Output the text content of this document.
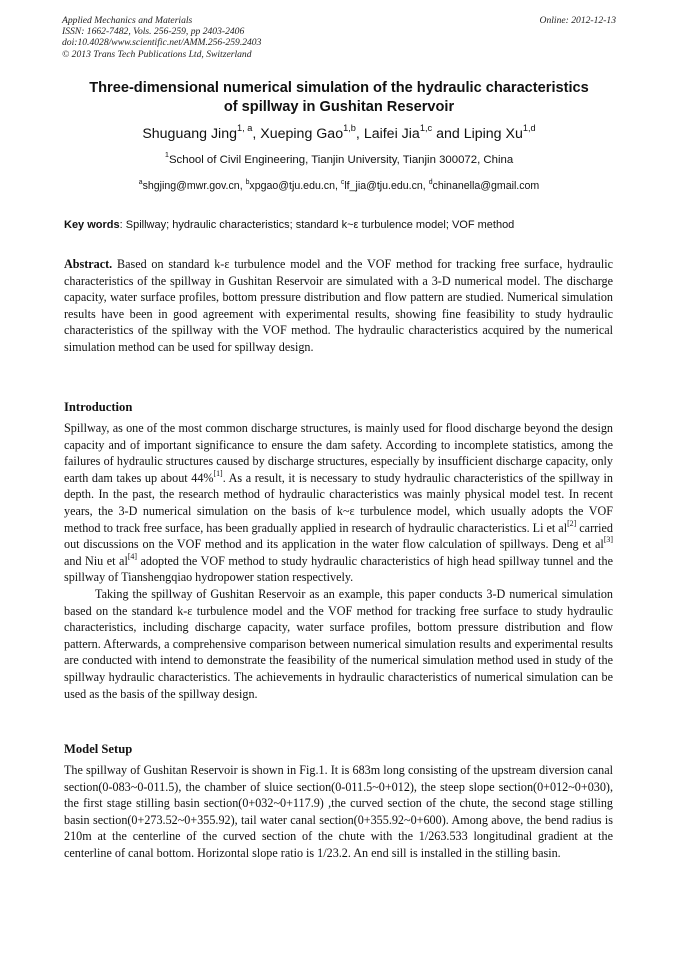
Applied Mechanics and Materials
ISSN: 1662-7482, Vols. 256-259, pp 2403-2406
doi:10.4028/www.scientific.net/AMM.256-259.2403
© 2013 Trans Tech Publications Ltd, Switzerland
Online: 2012-12-13
Three-dimensional numerical simulation of the hydraulic characteristics
of spillway in Gushitan Reservoir

Shuguang Jing$^{1, a}$, Xueping Gao$^{1,b}$, Laifei Jia$^{1,c}$ and Liping Xu$^{1,d}$

$^1$School of Civil Engineering, Tianjin University, Tianjin 300072, China

$^a$shgjing@mwr.gov.cn, $^b$xpgao@tju.edu.cn, $^c$lf_jia@tju.edu.cn, $^d$chinanella@gmail.com

Key words: Spillway; hydraulic characteristics; standard k~ε turbulence model; VOF method

Abstract. Based on standard k-ε turbulence model and the VOF method for tracking free surface, hydraulic characteristics of the spillway in Gushitan Reservoir are simulated with a 3-D numerical model. The discharge capacity, water surface profiles, bottom pressure distribution and flow pattern are studied. Numerical simulation results have been in good agreement with experimental results, showing fine feasibility to study hydraulic characteristics of the spillway with the VOF method. The hydraulic characteristics acquired by the numerical simulation method can be used for spillway design.

Introduction

Spillway, as one of the most common discharge structures, is mainly used for flood discharge beyond the design capacity and of important significance to ensure the dam safety. According to incomplete statistics, among the failures of hydraulic structures caused by discharge structures, especially by insufficient discharge capacity, only earth dam takes up about 44%[1]. As a result, it is necessary to study hydraulic characteristics of the spillway in depth. In the past, the research method of hydraulic characteristics was mainly physical model test. In recent years, the 3-D numerical simulation on the basis of k~ε turbulence model, which usually adopts the VOF method to track free surface, has been gradually applied in research of hydraulic characteristics. Li et al[2] carried out discussions on the VOF method and its application in the water flow calculation of spillways. Deng et al[3] and Niu et al[4] adopted the VOF method to study hydraulic characteristics of high head spillway tunnel and the spillway of Tianshengqiao hydropower station respectively.

Taking the spillway of Gushitan Reservoir as an example, this paper conducts 3-D numerical simulation based on the standard k-ε turbulence model and the VOF method for tracking free surface to study hydraulic characteristics, including discharge capacity, water surface profiles, bottom pressure distribution and flow pattern. Afterwards, a comprehensive comparison between numerical simulation results and experimental results are conducted with intend to demonstrate the feasibility of the numerical simulation method used in study of the spillway hydraulic characteristics. The achievements in hydraulic characteristics of numerical simulation can be used as the basis of the spillway design.

Model Setup

The spillway of Gushitan Reservoir is shown in Fig.1. It is 683m long consisting of the upstream diversion canal section(0-083~0-011.5), the chamber of sluice section(0-011.5~0+012), the steep slope section(0+012~0+030), the first stage stilling basin section(0+032~0+117.9) ,the curved section of the chute, the second stage stilling basin section(0+273.52~0+355.92), tail water canal section(0+355.92~0+600). Among above, the bend radius is 210m at the centerline of the curved section of the chute with the 1/263.533 longitudinal gradient at the centerline of canal bottom. Horizontal slope ratio is 1/23.2. An end sill is installed in the stilling basin.
